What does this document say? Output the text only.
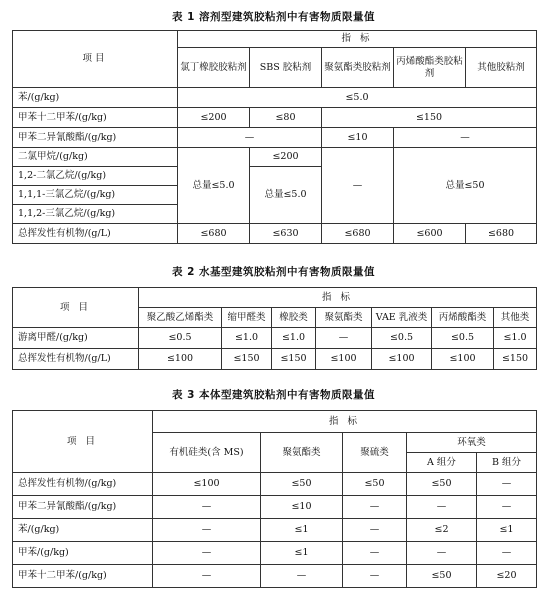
表 1 溶剂型建筑胶粘剂中有害物质限量值
项目	指 标				
	氯丁橡胶胶粘剂	SBS 胶粘剂	聚氨酯类胶粘剂	丙烯酸酯类胶粘剂	其他胶粘剂
苯/(g/kg)	≤5.0				
甲苯十二甲苯/(g/kg)	≤200	≤80	≤150		
甲苯二异氰酸酯/(g/kg)	—		≤10	—	
二氯甲烷/(g/kg)	总量≤5.0	≤200	—	总量≤50	
1,2-二氯乙烷/(g/kg)		总量≤5.0			
1,1,1-三氯乙烷/(g/kg)					
1,1,2-三氯乙烷/(g/kg)					
总挥发性有机物/(g/L)	≤680	≤630	≤680	≤600	≤680
表 2 水基型建筑胶粘剂中有害物质限量值
项 目	指 标						
	聚乙酸乙烯酯类	缩甲醛类	橡胶类	聚氨酯类	VAE 乳液类	丙烯酸酯类	其他类
游离甲醛/(g/kg)	≤0.5	≤1.0	≤1.0	—	≤0.5	≤0.5	≤1.0
总挥发性有机物/(g/L)	≤100	≤150	≤150	≤100	≤100	≤100	≤150
表 3 本体型建筑胶粘剂中有害物质限量值
项 目	指 标				
	有机硅类(含 MS)	聚氨酯类	聚硫类	环氧类	
				A 组分	B 组分
总挥发性有机物/(g/kg)	≤100	≤50	≤50	≤50	—
甲苯二异氰酸酯/(g/kg)	—	≤10	—	—	—
苯/(g/kg)	—	≤1	—	≤2	≤1
甲苯/(g/kg)	—	≤1	—	—	—
甲苯十二甲苯/(g/kg)	—	—	—	≤50	≤20
